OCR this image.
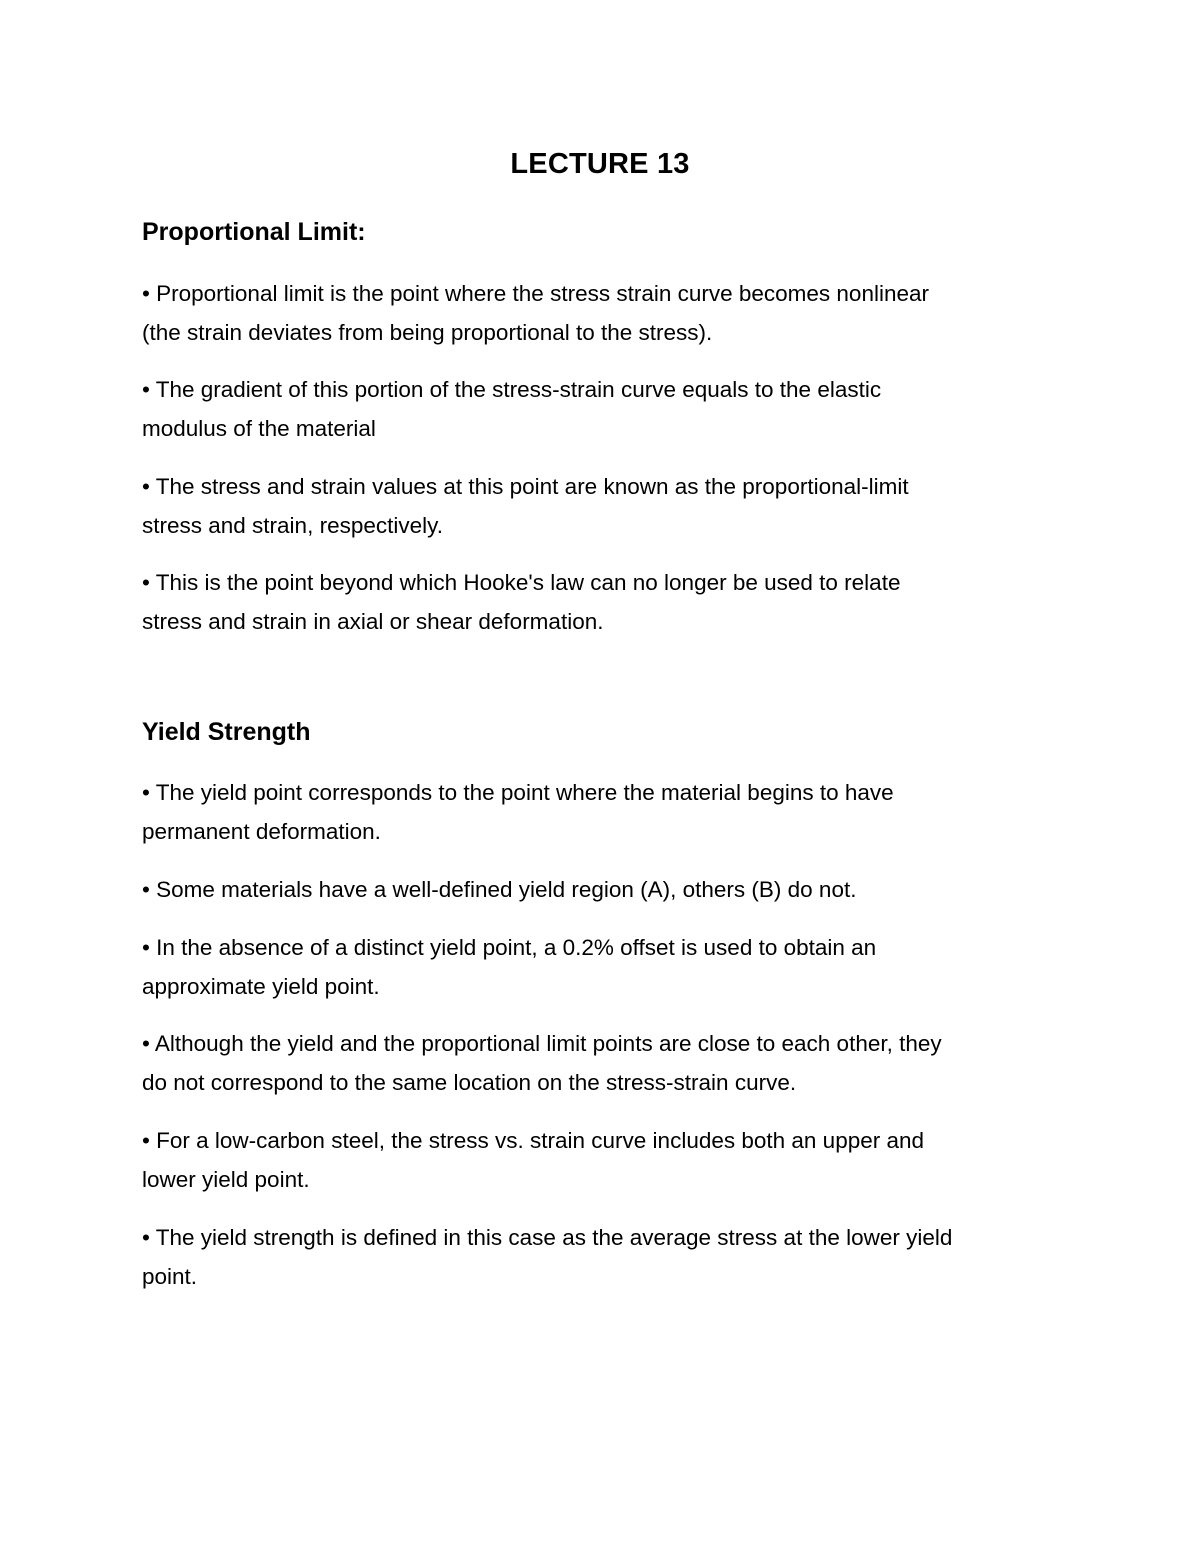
LECTURE 13
Proportional Limit:
• Proportional limit is the point where the stress strain curve becomes nonlinear
(the strain deviates from being proportional to the stress).
• The gradient of this portion of the stress-strain curve equals to the elastic
modulus of the material
• The stress and strain values at this point are known as the proportional-limit
stress and strain, respectively.
• This is the point beyond which Hooke's law can no longer be used to relate
stress and strain in axial or shear deformation.
Yield Strength
• The yield point corresponds to the point where the material begins to have
permanent deformation.
• Some materials have a well-defined yield region (A), others (B) do not.
• In the absence of a distinct yield point, a 0.2% offset is used to obtain an
approximate yield point.
• Although the yield and the proportional limit points are close to each other, they
do not correspond to the same location on the stress-strain curve.
• For a low-carbon steel, the stress vs. strain curve includes both an upper and
lower yield point.
• The yield strength is defined in this case as the average stress at the lower yield
point.
